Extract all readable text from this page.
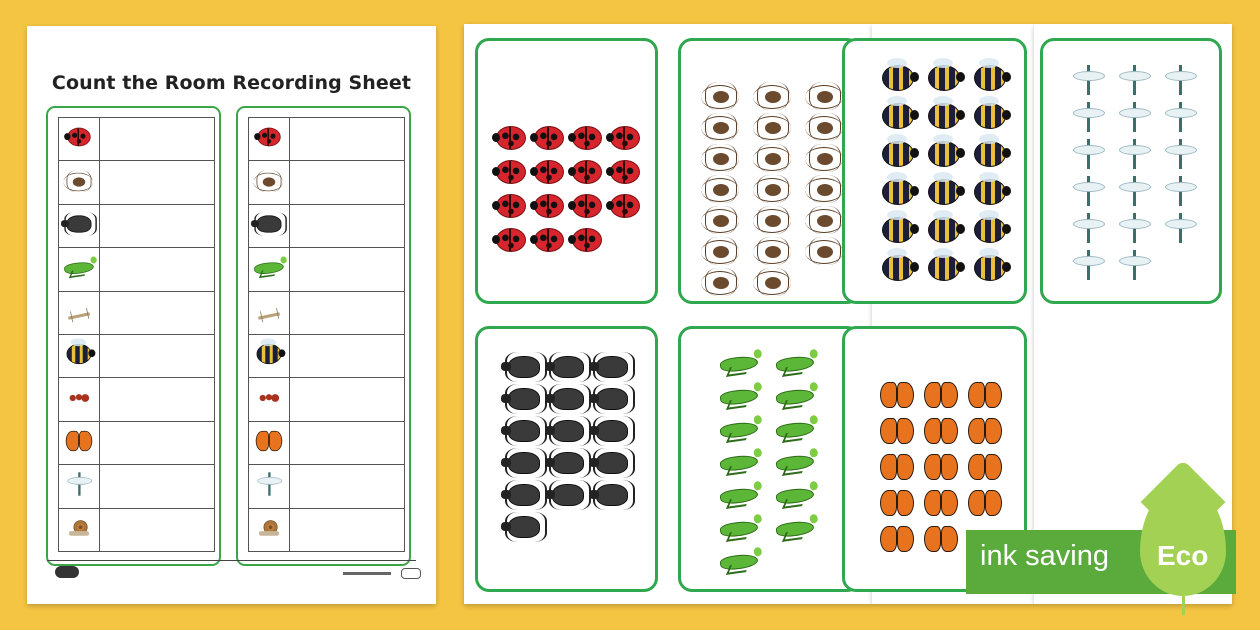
Count the Room Recording Sheet

ink saving Eco
